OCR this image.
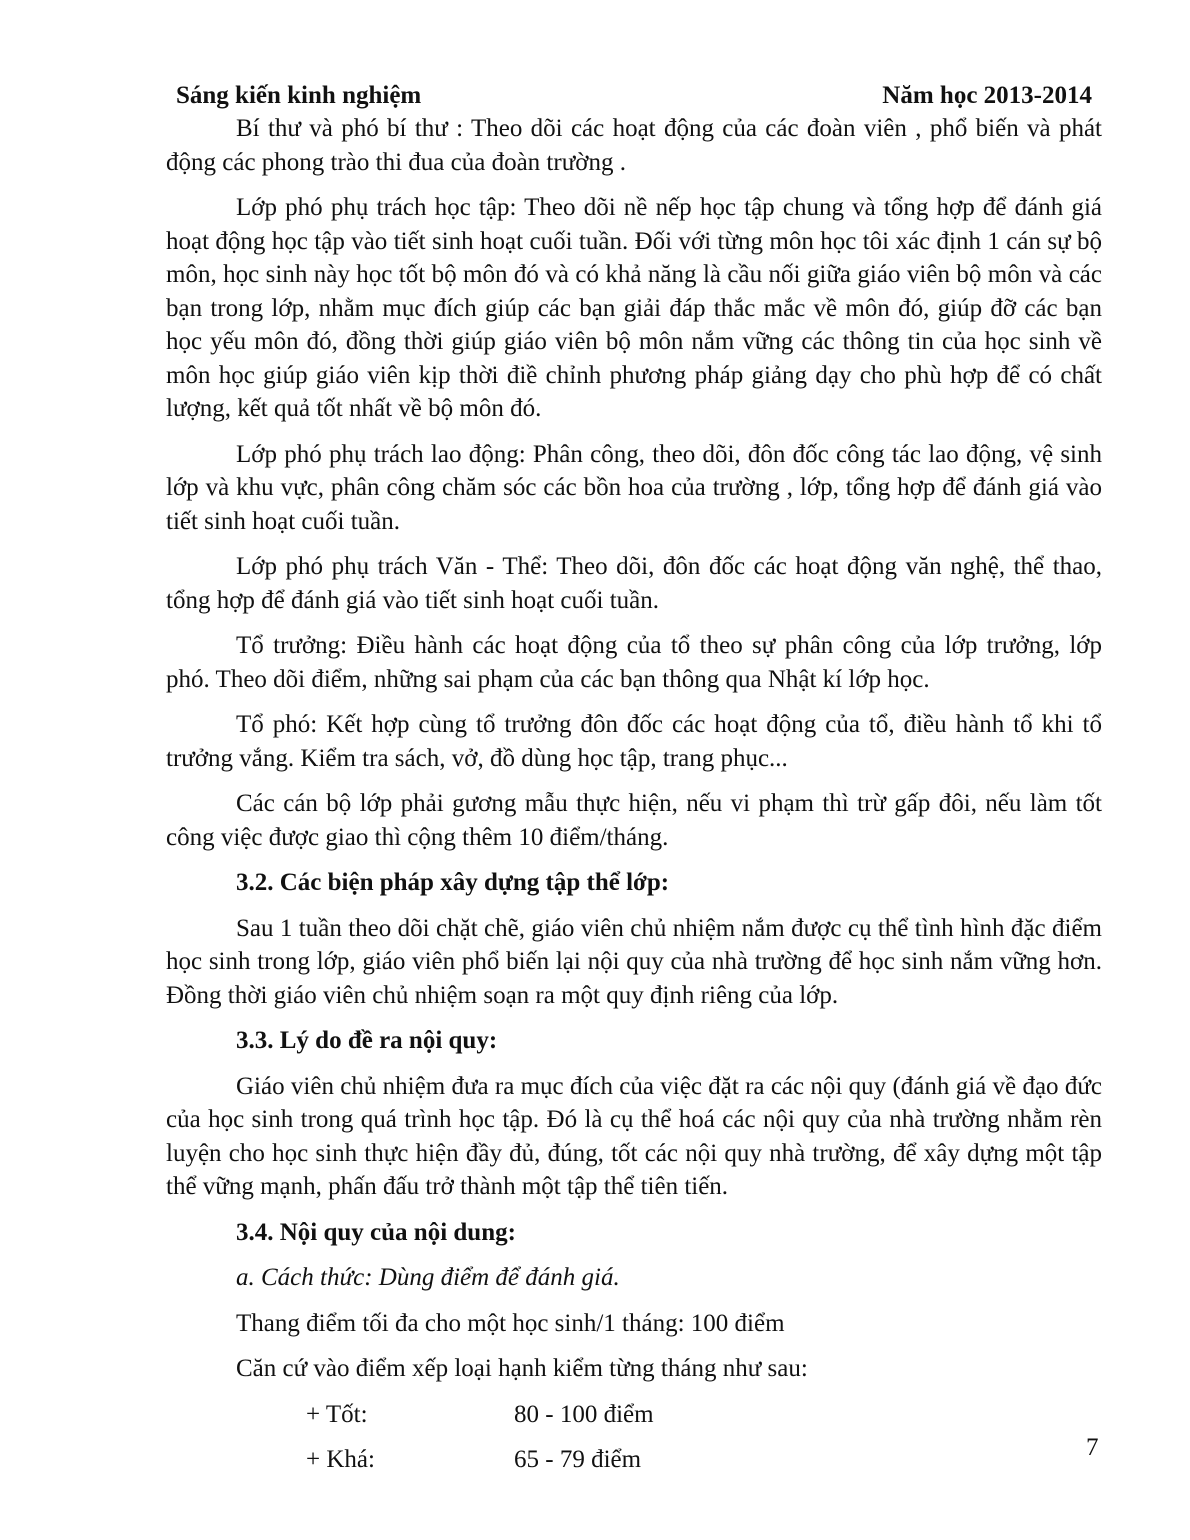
Sáng kiến kinh nghiệm	Năm học 2013-2014

Bí thư và phó bí thư : Theo dõi các hoạt động của các đoàn viên , phổ biến và phát động các phong trào thi đua của đoàn trường .

Lớp phó phụ trách học tập: Theo dõi nề nếp học tập chung và tổng hợp để đánh giá hoạt động học tập vào tiết sinh hoạt cuối tuần. Đối với từng môn học tôi xác định 1 cán sự bộ môn, học sinh này học tốt bộ môn đó và có khả năng là cầu nối giữa giáo viên bộ môn và các bạn trong lớp, nhằm mục đích giúp các bạn giải đáp thắc mắc về môn đó, giúp đỡ các bạn học yếu môn đó, đồng thời giúp giáo viên bộ môn nắm vững các thông tin của học sinh về môn học giúp giáo viên kịp thời điề chỉnh phương pháp giảng dạy cho phù hợp để có chất lượng, kết quả tốt nhất về bộ môn đó.

Lớp phó phụ trách lao động: Phân công, theo dõi, đôn đốc công tác lao động, vệ sinh lớp và khu vực, phân công chăm sóc các bồn hoa của trường , lớp, tổng hợp để đánh giá vào tiết sinh hoạt cuối tuần.

Lớp phó phụ trách Văn - Thể: Theo dõi, đôn đốc các hoạt động văn nghệ, thể thao, tổng hợp để đánh giá vào tiết sinh hoạt cuối tuần.

Tổ trưởng: Điều hành các hoạt động của tổ theo sự phân công của lớp trưởng, lớp phó. Theo dõi điểm, những sai phạm của các bạn thông qua Nhật kí lớp học.

Tổ phó: Kết hợp cùng tổ trưởng đôn đốc các hoạt động của tổ, điều hành tổ khi tổ trưởng vắng. Kiểm tra sách, vở, đồ dùng học tập, trang phục...

Các cán bộ lớp phải gương mẫu thực hiện, nếu vi phạm thì trừ gấp đôi, nếu làm tốt công việc được giao thì cộng thêm 10 điểm/tháng.

3.2. Các biện pháp xây dựng tập thể lớp:

Sau 1 tuần theo dõi chặt chẽ, giáo viên chủ nhiệm nắm được cụ thể tình hình đặc điểm học sinh trong lớp, giáo viên phổ biến lại nội quy của nhà trường để học sinh nắm vững hơn. Đồng thời giáo viên chủ nhiệm soạn ra một quy định riêng của lớp.

3.3. Lý do đề ra nội quy:

Giáo viên chủ nhiệm đưa ra mục đích của việc đặt ra các nội quy (đánh giá về đạo đức của học sinh trong quá trình học tập. Đó là cụ thể hoá các nội quy của nhà trường nhằm rèn luyện cho học sinh thực hiện đầy đủ, đúng, tốt các nội quy nhà trường, để xây dựng một tập thể vững mạnh, phấn đấu trở thành một tập thể tiên tiến.

3.4. Nội quy của nội dung:

a. Cách thức: Dùng điểm để đánh giá.

Thang điểm tối đa cho một học sinh/1 tháng: 100 điểm

Căn cứ vào điểm xếp loại hạnh kiểm từng tháng như sau:

+ Tốt:	80 - 100 điểm
+ Khá:	65 - 79 điểm	7
